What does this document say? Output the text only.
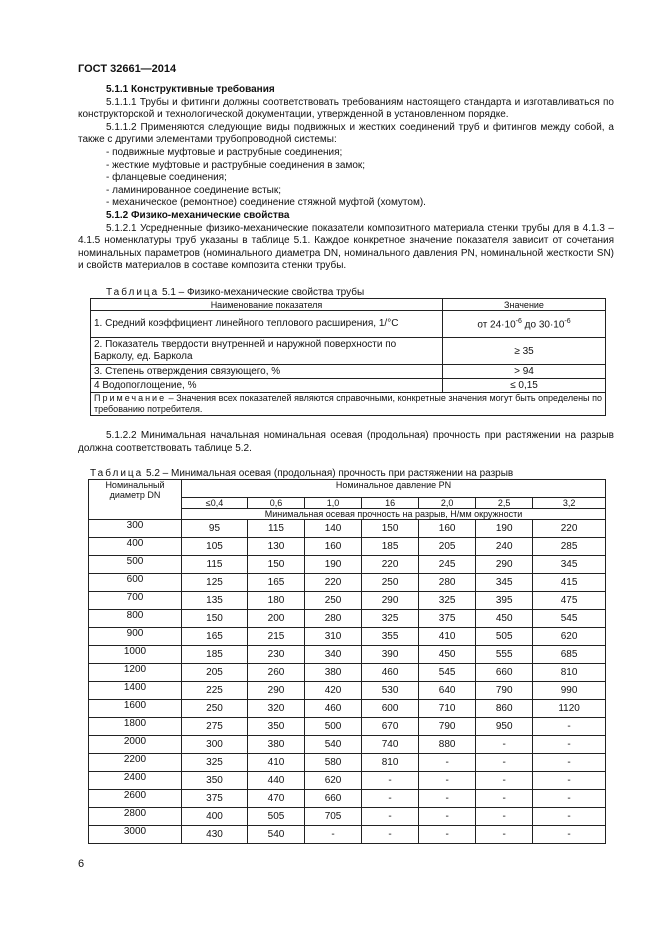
ГОСТ 32661—2014

5.1.1 Конструктивные требования

5.1.1.1 Трубы и фитинги должны соответствовать требованиям настоящего стандарта и изготавливаться по конструкторской и технологической документации, утвержденной в установленном порядке.

5.1.1.2 Применяются следующие виды подвижных и жестких соединений труб и фитингов между собой, а также с другими элементами трубопроводной системы:

- подвижные муфтовые и раструбные соединения;

- жесткие муфтовые и раструбные соединения в замок;

- фланцевые соединения;

- ламинированное соединение встык;

- механическое (ремонтное) соединение стяжной муфтой (хомутом).

5.1.2 Физико-механические свойства

5.1.2.1 Усредненные физико-механические показатели композитного материала стенки трубы для в 4.1.3 – 4.1.5 номенклатуры труб указаны в таблице 5.1. Каждое конкретное значение показателя зависит от сочетания номинальных параметров (номинального диаметра DN, номинального давления PN, номинальной жесткости SN) и свойств материалов в составе композита стенки трубы.

Таблица 5.1 – Физико-механические свойства трубы
Наименование показателя	Значение
1. Средний коэффициент линейного теплового расширения, 1/°C	от $24\cdot 10^{-6}$ до $30\cdot 10^{-6}$
2. Показатель твердости внутренней и наружной поверхности по Барколу, ед. Баркола	≥ 35
3. Степень отверждения связующего, %	> 94
4 Водопоглощение, %	≤ 0,15
Примечание – Значения всех показателей являются справочными, конкретные значения могут быть определены по требованию потребителя.	

5.1.2.2 Минимальная начальная номинальная осевая (продольная) прочность при растяжении на разрыв должна соответствовать таблице 5.2.

Таблица 5.2 – Минимальная осевая (продольная) прочность при растяжении на разрыв
Номинальный диаметр DN	Номинальное давление PN						
	≤0,4	0,6	1,0	16	2,0	2,5	3,2
	Минимальная осевая прочность на разрыв, Н/мм окружности						
300	95	115	140	150	160	190	220
400	105	130	160	185	205	240	285
500	115	150	190	220	245	290	345
600	125	165	220	250	280	345	415
700	135	180	250	290	325	395	475
800	150	200	280	325	375	450	545
900	165	215	310	355	410	505	620
1000	185	230	340	390	450	555	685
1200	205	260	380	460	545	660	810
1400	225	290	420	530	640	790	990
1600	250	320	460	600	710	860	1120
1800	275	350	500	670	790	950	-
2000	300	380	540	740	880	-	-
2200	325	410	580	810	-	-	-
2400	350	440	620	-	-	-	-
2600	375	470	660	-	-	-	-
2800	400	505	705	-	-	-	-
3000	430	540	-	-	-	-	-
6
